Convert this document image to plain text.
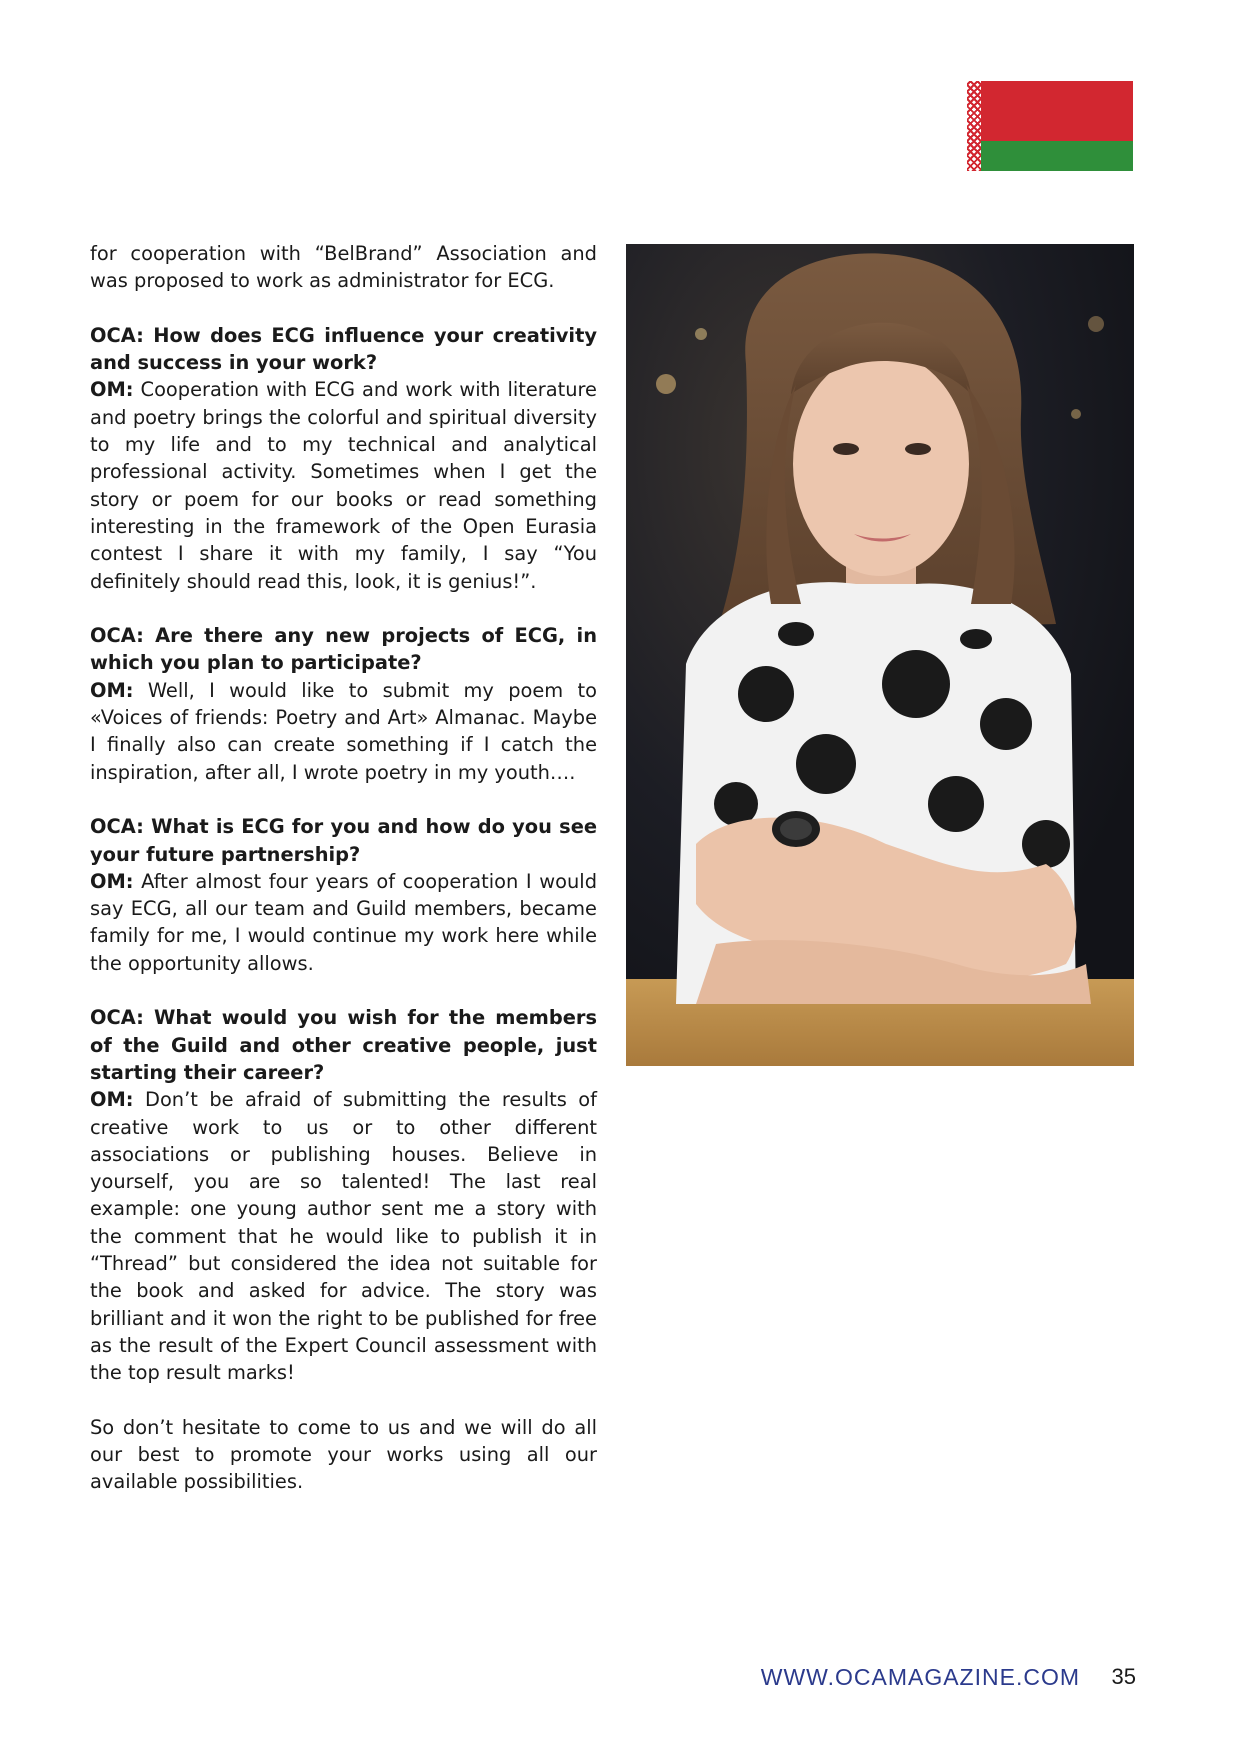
for cooperation with “BelBrand” Association and was proposed to work as administrator for ECG.

OCA: How does ECG influence your creativity and success in your work?
OM: Cooperation with ECG and work with literature and poetry brings the colorful and spiritual diversity to my life and to my technical and analytical professional activity. Sometimes when I get the story or poem for our books or read something interesting in the framework of the Open Eurasia contest I share it with my family, I say “You definitely should read this, look, it is genius!”.

OCA: Are there any new projects of ECG, in which you plan to participate?
OM: Well, I would like to submit my poem to «Voices of friends: Poetry and Art» Almanac. Maybe I finally also can create something if I catch the inspiration, after all, I wrote poetry in my youth….

OCA: What is ECG for you and how do you see your future partnership?
OM: After almost four years of cooperation I would say ECG, all our team and Guild members, became family for me, I would continue my work here while the opportunity allows.

OCA: What would you wish for the members of the Guild and other creative people, just starting their career?
OM: Don’t be afraid of submitting the results of creative work to us or to other different associations or publishing houses. Believe in yourself, you are so talented! The last real example: one young author sent me a story with the comment that he would like to publish it in “Thread” but considered the idea not suitable for the book and asked for advice. The story was brilliant and it won the right to be published for free as the result of the Expert Council assessment with the top result marks!

So don’t hesitate to come to us and we will do all our best to promote your works using all our available possibilities.

WWW.OCAMAGAZINE.COM	35
